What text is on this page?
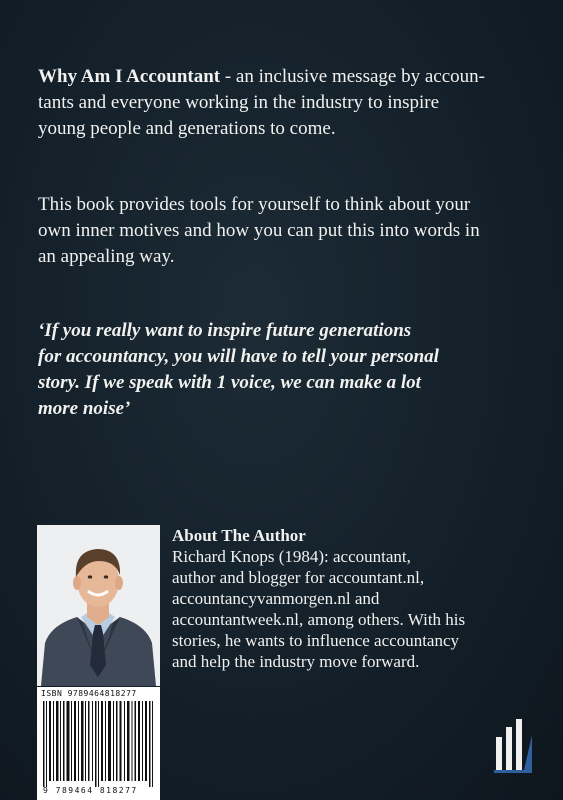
Why Am I Accountant - an inclusive message by accoun-
tants and everyone working in the industry to inspire
young people and generations to come.

This book provides tools for yourself to think about your
own inner motives and how you can put this into words in
an appealing way.

‘If you really want to inspire future generations
for accountancy, you will have to tell your personal
story. If we speak with 1 voice, we can make a lot
more noise’

About The Author
Richard Knops (1984): accountant,
author and blogger for accountant.nl,
accountancyvanmorgen.nl and
accountantweek.nl, among others. With his
stories, he wants to influence accountancy
and help the industry move forward.
ISBN 9789464818277
9 789464 818277
